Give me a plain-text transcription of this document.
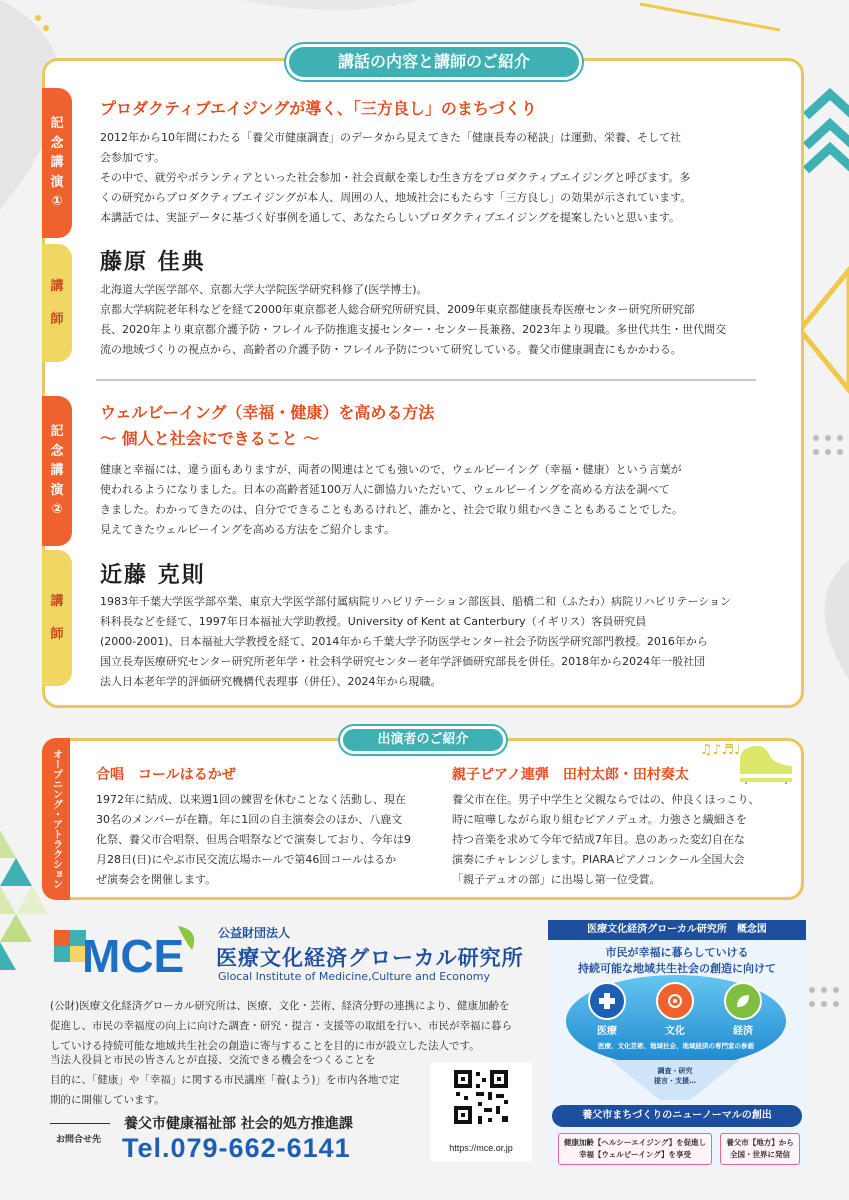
講話の内容と講師のご紹介
記
念
講
演
①
講
師
プロダクティブエイジングが導く、「三方良し」のまちづくり
2012年から10年間にわたる「養父市健康調査」のデータから見えてきた「健康長寿の秘訣」は運動、栄養、そして社
会参加です。
その中で、就労やボランティアといった社会参加・社会貢献を楽しむ生き方をプロダクティブエイジングと呼びます。多
くの研究からプロダクティブエイジングが本人、周囲の人、地域社会にもたらす「三方良し」の効果が示されています。
本講話では、実証データに基づく好事例を通して、あなたらしいプロダクティブエイジングを提案したいと思います。
藤原 佳典
北海道大学医学部卒、京都大学大学院医学研究科修了(医学博士)。
京都大学病院老年科などを経て2000年東京都老人総合研究所研究員、2009年東京都健康長寿医療センター研究所研究部
長、2020年より東京都介護予防・フレイル予防推進支援センター・センター長兼務、2023年より現職。多世代共生・世代間交
流の地域づくりの視点から、高齢者の介護予防・フレイル予防について研究している。養父市健康調査にもかかわる。
記
念
講
演
②
講
師
ウェルビーイング（幸福・健康）を高める方法
～ 個人と社会にできること ～
健康と幸福には、違う面もありますが、両者の関連はとても強いので、ウェルビーイング（幸福・健康）という言葉が
使われるようになりました。日本の高齢者延100万人に御協力いただいて、ウェルビーイングを高める方法を調べて
きました。わかってきたのは、自分でできることもあるけれど、誰かと、社会で取り組むべきこともあることでした。
見えてきたウェルビーイングを高める方法をご紹介します。
近藤 克則
1983年千葉大学医学部卒業、東京大学医学部付属病院リハビリテーション部医員、船橋二和（ふたわ）病院リハビリテーション
科科長などを経て、1997年日本福祉大学助教授。University of Kent at Canterbury（イギリス）客員研究員
(2000-2001)、日本福祉大学教授を経て、2014年から千葉大学予防医学センター社会予防医学研究部門教授。2016年から
国立長寿医療研究センター研究所老年学・社会科学研究センター老年学評価研究部長を併任。2018年から2024年一般社団
法人日本老年学的評価研究機構代表理事（併任）、2024年から現職。
出演者のご紹介
オープニング・アトラクション 合唱　コールはるかぜ
1972年に結成、以来週1回の練習を休むことなく活動し、現在
30名のメンバーが在籍。年に1回の自主演奏会のほか、八鹿文
化祭、養父市合唱祭、但馬合唱祭などで演奏しており、今年は9
月28日(日)にやぶ市民交流広場ホールで第46回コールはるか
ぜ演奏会を開催します。
親子ピアノ連弾　田村太郎・田村奏太
養父市在住。男子中学生と父親ならではの、仲良くほっこり、
時に喧嘩しながら取り組むピアノデュオ。力強さと繊細さを
持つ音楽を求めて今年で結成7年目。息のあった変幻自在な
演奏にチャレンジします。PIARAピアノコンクール全国大会
「親子デュオの部」に出場し第一位受賞。
♫♪♬♩
MCE	公益財団法人
医療文化経済グローカル研究所
Glocal Institute of Medicine,Culture and Economy
(公財)医療文化経済グローカル研究所は、医療、文化・芸術、経済分野の連携により、健康加齢を
促進し、市民の幸福度の向上に向けた調査・研究・提言・支援等の取組を行い、市民が幸福に暮ら
していける持続可能な地域共生社会の創造に寄与することを目的に市が設立した法人です。
当法人役員と市民の皆さんとが直接、交流できる機会をつくることを
目的に、「健康」や「幸福」に関する市民講座「養(よう)」を市内各地で定
期的に開催しています。
お問合せ先
養父市健康福祉部 社会的処方推進課
Tel.079-662-6141	https://mce.or.jp
医療文化経済グローカル研究所　概念図
市民が幸福に暮らしていける
持続可能な地域共生社会の創造に向けて
医療	文化	経済
医療、文化芸術、地域社会、地域経済の専門家の参画
調査・研究
提言・支援…
養父市まちづくりのニューノーマルの創出
健康加齢【ヘルシーエイジング】を促進し
幸福【ウェルビーイング】を享受
養父市【地方】から
全国・世界に発信
